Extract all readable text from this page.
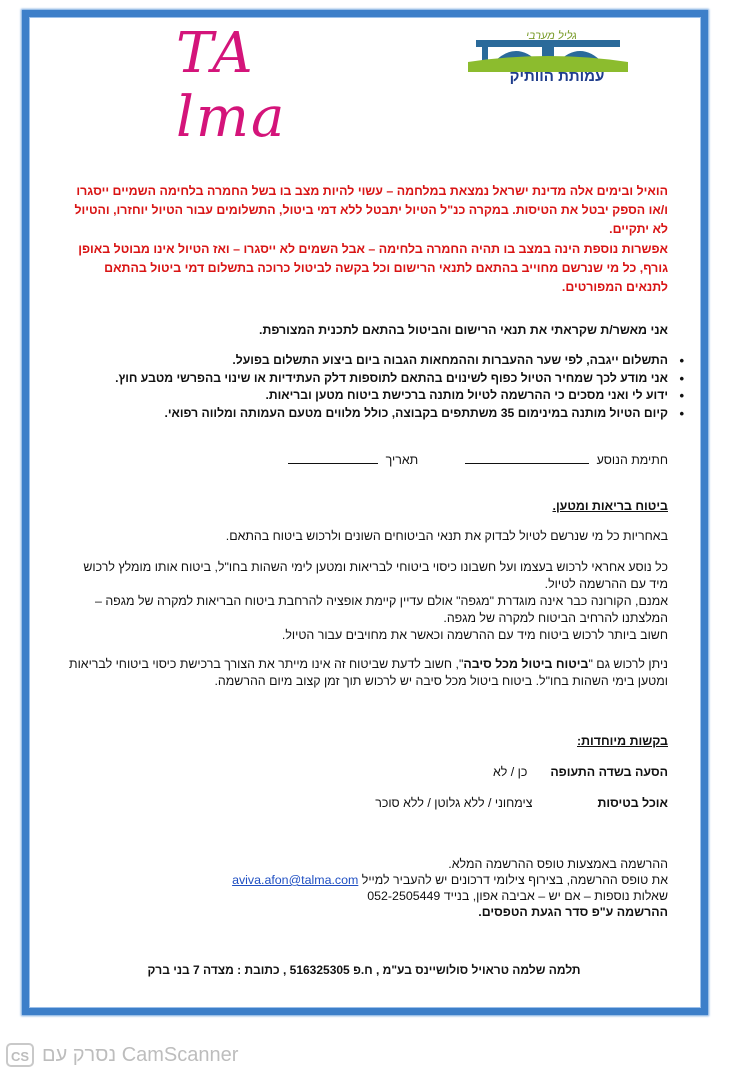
TA lma
גליל מערבי
עמותת הוותיק
הואיל ובימים אלה מדינת ישראל נמצאת במלחמה – עשוי להיות מצב בו בשל החמרה בלחימה השמיים ייסגרו ו/או הספק יבטל את הטיסות. במקרה כנ"ל הטיול יתבטל ללא דמי ביטול, התשלומים עבור הטיול יוחזרו, והטיול לא יתקיים.
אפשרות נוספת הינה במצב בו תהיה החמרה בלחימה – אבל השמים לא ייסגרו – ואז הטיול אינו מבוטל באופן גורף, כל מי שנרשם מחוייב בהתאם לתנאי הרישום וכל בקשה לביטול כרוכה בתשלום דמי ביטול בהתאם לתנאים המפורטים.
אני מאשר/ת שקראתי את תנאי הרישום והביטול בהתאם לתכנית המצורפת.
• התשלום ייגבה, לפי שער ההעברות וההמחאות הגבוה ביום ביצוע התשלום בפועל.
• אני מודע לכך שמחיר הטיול כפוף לשינוים בהתאם לתוספות דלק העתידיות או שינוי בהפרשי מטבע חוץ.
• ידוע לי ואני מסכים כי ההרשמה לטיול מותנה ברכישת ביטוח מטען ובריאות.
• קיום הטיול מותנה במינימום 35 משתתפים בקבוצה, כולל מלווים מטעם העמותה ומלווה רפואי.
חתימת הנוסע   תאריך
ביטוח בריאות ומטען.
באחריות כל מי שנרשם לטיול לבדוק את תנאי הביטוחים השונים ולרכוש ביטוח בהתאם.
כל נוסע אחראי לרכוש בעצמו ועל חשבונו כיסוי ביטוחי לבריאות ומטען לימי השהות בחו"ל, ביטוח אותו מומלץ לרכוש
מיד עם ההרשמה לטיול.
אמנם, הקורונה כבר אינה מוגדרת "מגפה" אולם עדיין קיימת אופציה להרחבת ביטוח הבריאות למקרה של מגפה –
המלצתנו להרחיב הביטוח למקרה של מגפה.
חשוב ביותר לרכוש ביטוח מיד עם ההרשמה וכאשר את מחויבים עבור הטיול.
ניתן לרכוש גם "ביטוח ביטול מכל סיבה", חשוב לדעת שביטוח זה אינו מייתר את הצורך ברכישת כיסוי ביטוחי לבריאות
ומטען בימי השהות בחו"ל. ביטוח ביטול מכל סיבה יש לרכוש תוך זמן קצוב מיום ההרשמה.
בקשות מיוחדות:
הסעה בשדה התעופה  כן / לא
אוכל בטיסות  צימחוני / ללא גלוטן / ללא סוכר
ההרשמה באמצעות טופס ההרשמה המלא.
את טופס ההרשמה, בצירוף צילומי דרכונים יש להעביר למייל aviva.afon@talma.com
שאלות נוספות – אם יש – אביבה אפון, בנייד 052-2505449
ההרשמה ע"פ סדר הגעת הטפסים.
תלמה שלמה טראויל סולושיינס בע"מ , ח.פ 516325305 , כתובת : מצדה 7 בני ברק
CS נסרק עם CamScanner
